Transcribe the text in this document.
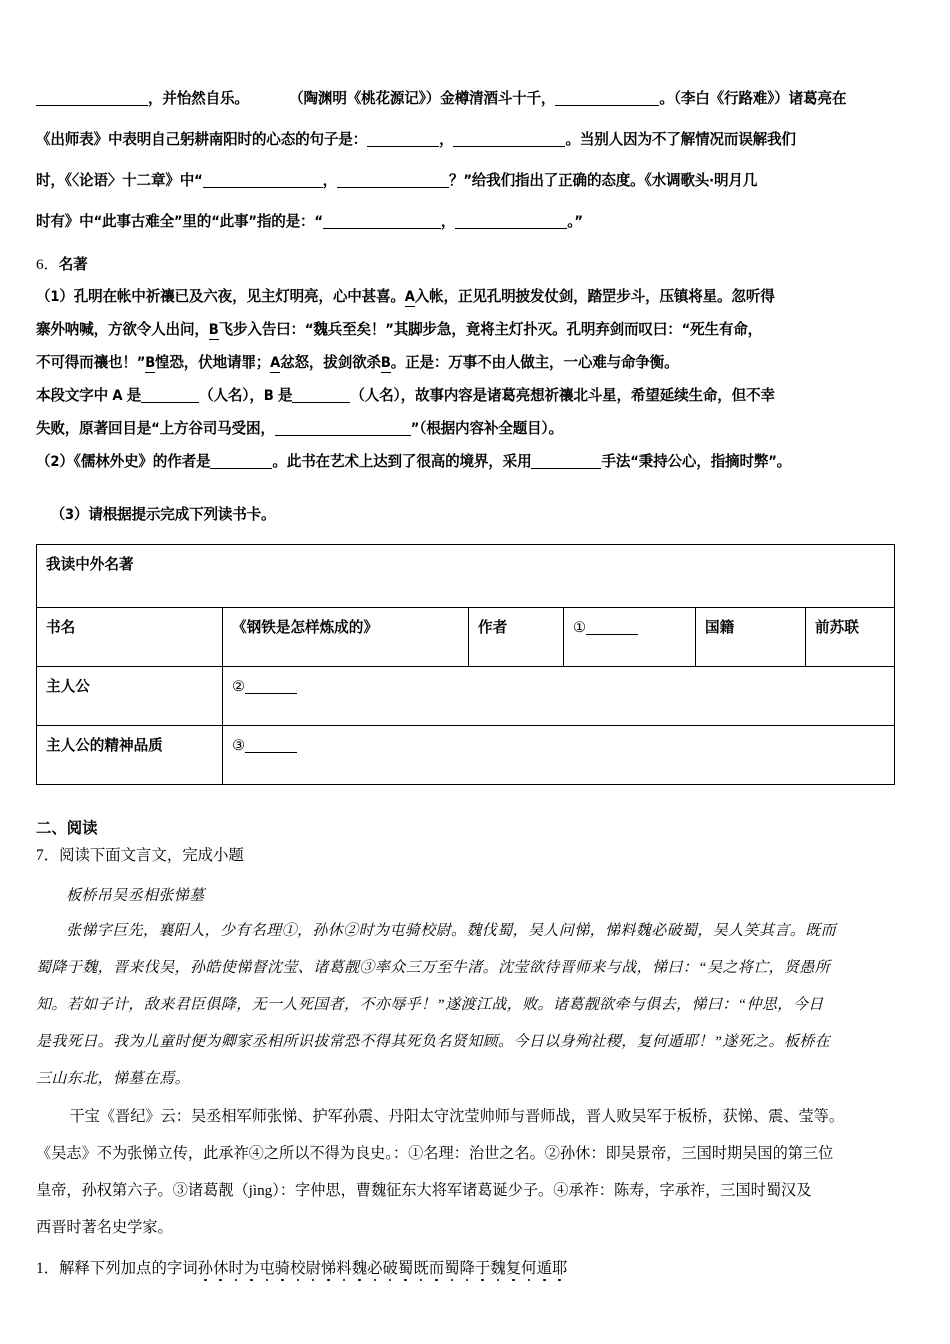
，并怡然自乐。	（陶渊明《桃花源记》）金樽清酒斗十千，	。（李白《行路难》）诸葛亮在
《出师表》中表明自己躬耕南阳时的心态的句子是：	，	。当别人因为不了解情况而误解我们
时，《〈论语〉十二章》中“	，	？”给我们指出了正确的态度。《水调歌头·明月几
时有》中“此事古难全”里的“此事”指的是：“	，	。”
6．名著
（1）孔明在帐中祈禳已及六夜，见主灯明亮，心中甚喜。A入帐，正见孔明披发仗剑，踏罡步斗，压镇将星。忽听得
寨外呐喊，方欲令人出问，B飞步入告曰：“魏兵至矣！”其脚步急，竟将主灯扑灭。孔明弃剑而叹曰：“死生有命，
不可得而禳也！”B惶恐，伏地请罪；A忿怒，拔剑欲杀B。正是：万事不由人做主，一心难与命争衡。
本段文字中 A 是	（人名），B 是	（人名），故事内容是诸葛亮想祈禳北斗星，希望延续生命，但不幸
失败，原著回目是“上方谷司马受困，	”（根据内容补全题目）。
（2）《儒林外史》的作者是	。此书在艺术上达到了很高的境界，采用	手法“秉持公心，指摘时弊”。
（3）请根据提示完成下列读书卡。
我读中外名著					
书名	《钢铁是怎样炼成的》	作者	①	国籍	前苏联
主人公	②				
主人公的精神品质	③				
二、阅读
7．阅读下面文言文，完成小题
板桥吊吴丞相张悌墓
张悌字巨先，襄阳人，少有名理①，孙休②时为屯骑校尉。魏伐蜀，吴人问悌，悌料魏必破蜀，吴人笑其言。既而
蜀降于魏，晋来伐吴，孙皓使悌督沈莹、诸葛靓③率众三万至牛渚。沈莹欲待晋师来与战，悌曰：“吴之将亡，贤愚所
知。若如子计，敌来君臣俱降，无一人死国者，不亦辱乎！”遂渡江战，败。诸葛靓欲牵与俱去，悌曰：“仲思，今日
是我死日。我为儿童时便为卿家丞相所识拔常恐不得其死负名贤知顾。今日以身殉社稷，复何遁耶！”遂死之。板桥在
三山东北，悌墓在焉。
干宝《晋纪》云：吴丞相军师张悌、护军孙震、丹阳太守沈莹帅师与晋师战，晋人败吴军于板桥，获悌、震、莹等。
《吴志》不为张悌立传，此承祚④之所以不得为良史。：①名理：治世之名。②孙休：即吴景帝，三国时期吴国的第三位
皇帝，孙权第六子。③诸葛靓（jìng）：字仲思，曹魏征东大将军诸葛诞少子。④承祚：陈寿，字承祚，三国时蜀汉及
西晋时著名史学家。
1．解释下列加点的字词孙休时为屯骑校尉悌料魏必破蜀既而蜀降于魏复何遁耶
